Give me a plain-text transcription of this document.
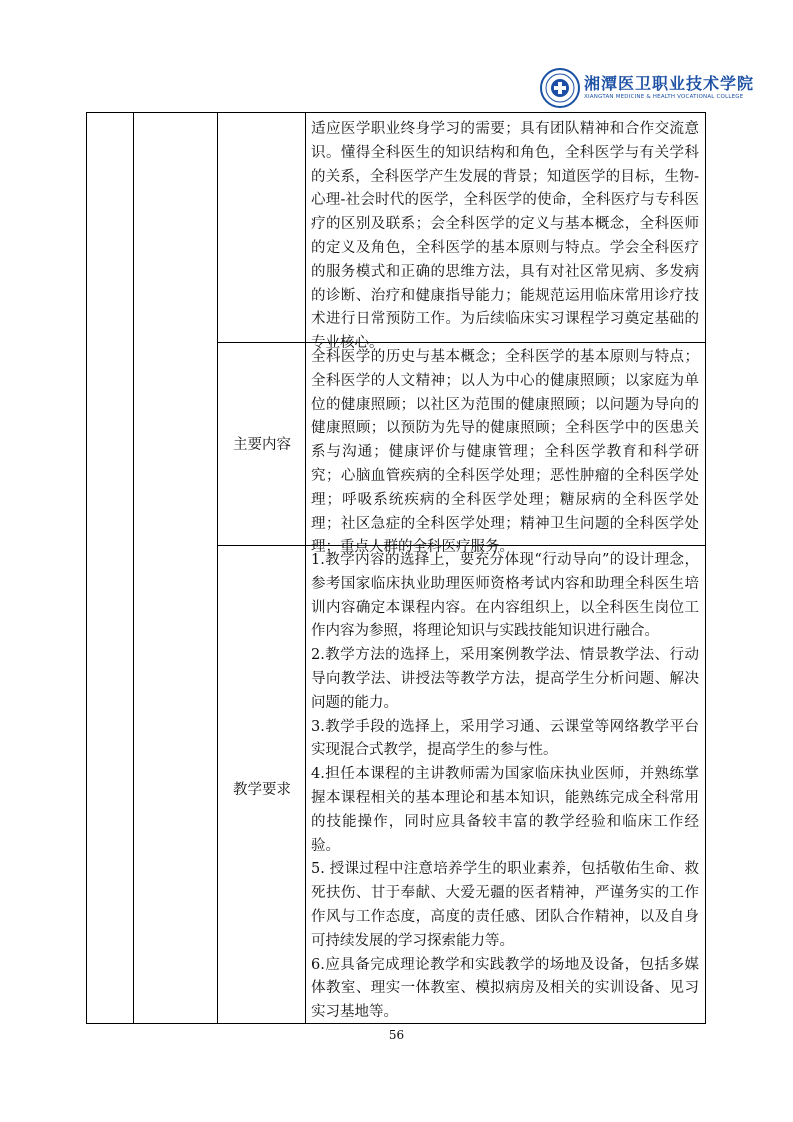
湘潭医卫职业技术学院
XIANGTAN MEDICINE & HEALTH VOCATIONAL COLLEGE
适应医学职业终身学习的需要；具有团队精神和合作交流意识。懂得全科医生的知识结构和角色，全科医学与有关学科的关系，全科医学产生发展的背景；知道医学的目标，生物-心理-社会时代的医学，全科医学的使命，全科医疗与专科医疗的区别及联系；会全科医学的定义与基本概念，全科医师的定义及角色，全科医学的基本原则与特点。学会全科医疗的服务模式和正确的思维方法，具有对社区常见病、多发病的诊断、治疗和健康指导能力；能规范运用临床常用诊疗技术进行日常预防工作。为后续临床实习课程学习奠定基础的专业核心。
主要内容
全科医学的历史与基本概念；全科医学的基本原则与特点；全科医学的人文精神；以人为中心的健康照顾；以家庭为单位的健康照顾；以社区为范围的健康照顾；以问题为导向的健康照顾；以预防为先导的健康照顾；全科医学中的医患关系与沟通；健康评价与健康管理；全科医学教育和科学研究；心脑血管疾病的全科医学处理；恶性肿瘤的全科医学处理；呼吸系统疾病的全科医学处理；糖尿病的全科医学处理；社区急症的全科医学处理；精神卫生问题的全科医学处理；重点人群的全科医疗服务。
教学要求
1.教学内容的选择上，要充分体现“行动导向”的设计理念，参考国家临床执业助理医师资格考试内容和助理全科医生培训内容确定本课程内容。在内容组织上，以全科医生岗位工作内容为参照，将理论知识与实践技能知识进行融合。
2.教学方法的选择上，采用案例教学法、情景教学法、行动导向教学法、讲授法等教学方法，提高学生分析问题、解决问题的能力。
3.教学手段的选择上，采用学习通、云课堂等网络教学平台实现混合式教学，提高学生的参与性。
4.担任本课程的主讲教师需为国家临床执业医师，并熟练掌握本课程相关的基本理论和基本知识，能熟练完成全科常用的技能操作，同时应具备较丰富的教学经验和临床工作经验。
5. 授课过程中注意培养学生的职业素养，包括敬佑生命、救死扶伤、甘于奉献、大爱无疆的医者精神，严谨务实的工作作风与工作态度，高度的责任感、团队合作精神，以及自身可持续发展的学习探索能力等。
6.应具备完成理论教学和实践教学的场地及设备，包括多媒体教室、理实一体教室、模拟病房及相关的实训设备、见习实习基地等。
56
